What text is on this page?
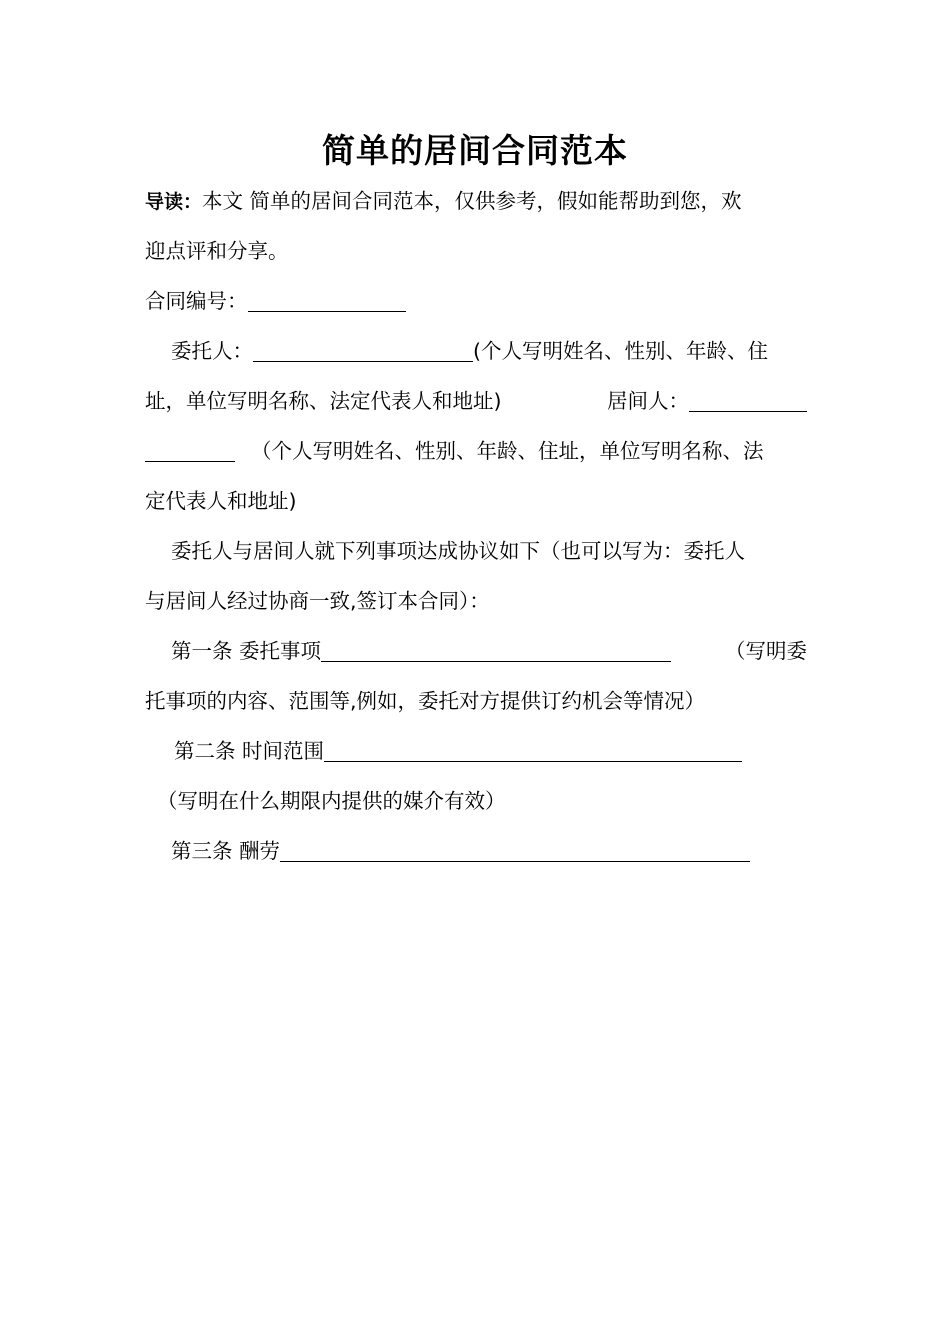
简单的居间合同范本
导读：本文 简单的居间合同范本，仅供参考，假如能帮助到您，欢
迎点评和分享。
合同编号：
委托人：	(个人写明姓名、性别、年龄、住
址，单位写明名称、法定代表人和地址)	居间人：
（个人写明姓名、性别、年龄、住址，单位写明名称、法
定代表人和地址)
委托人与居间人就下列事项达成协议如下（也可以写为：委托人
与居间人经过协商一致,签订本合同）：
第一条 委托事项	（写明委
托事项的内容、范围等,例如，委托对方提供订约机会等情况）
第二条 时间范围
（写明在什么期限内提供的媒介有效）
第三条 酬劳
